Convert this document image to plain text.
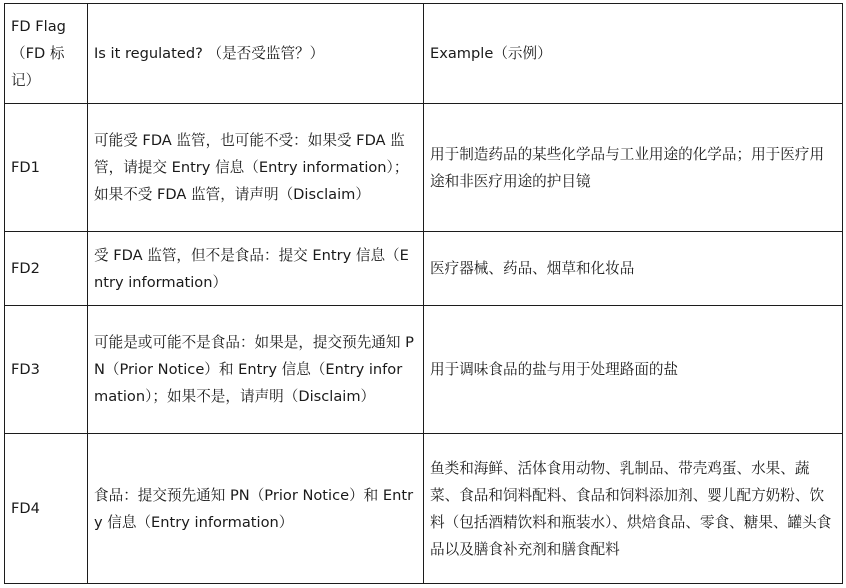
FD Flag（FD 标记）	Is it regulated? （是否受监管？）	Example（示例）
FD1	可能受 FDA 监管，也可能不受：如果受 FDA 监管，请提交 Entry 信息（Entry information）；如果不受 FDA 监管，请声明（Disclaim）	用于制造药品的某些化学品与工业用途的化学品；用于医疗用途和非医疗用途的护目镜
FD2	受 FDA 监管，但不是食品：提交 Entry 信息（Entry information）	医疗器械、药品、烟草和化妆品
FD3	可能是或可能不是食品：如果是，提交预先通知 PN（Prior Notice）和 Entry 信息（Entry information）；如果不是，请声明（Disclaim）	用于调味食品的盐与用于处理路面的盐
FD4	食品：提交预先通知 PN（Prior Notice）和 Entry 信息（Entry information）	鱼类和海鲜、活体食用动物、乳制品、带壳鸡蛋、水果、蔬菜、食品和饲料配料、食品和饲料添加剂、婴儿配方奶粉、饮料（包括酒精饮料和瓶装水）、烘焙食品、零食、糖果、罐头食品以及膳食补充剂和膳食配料
